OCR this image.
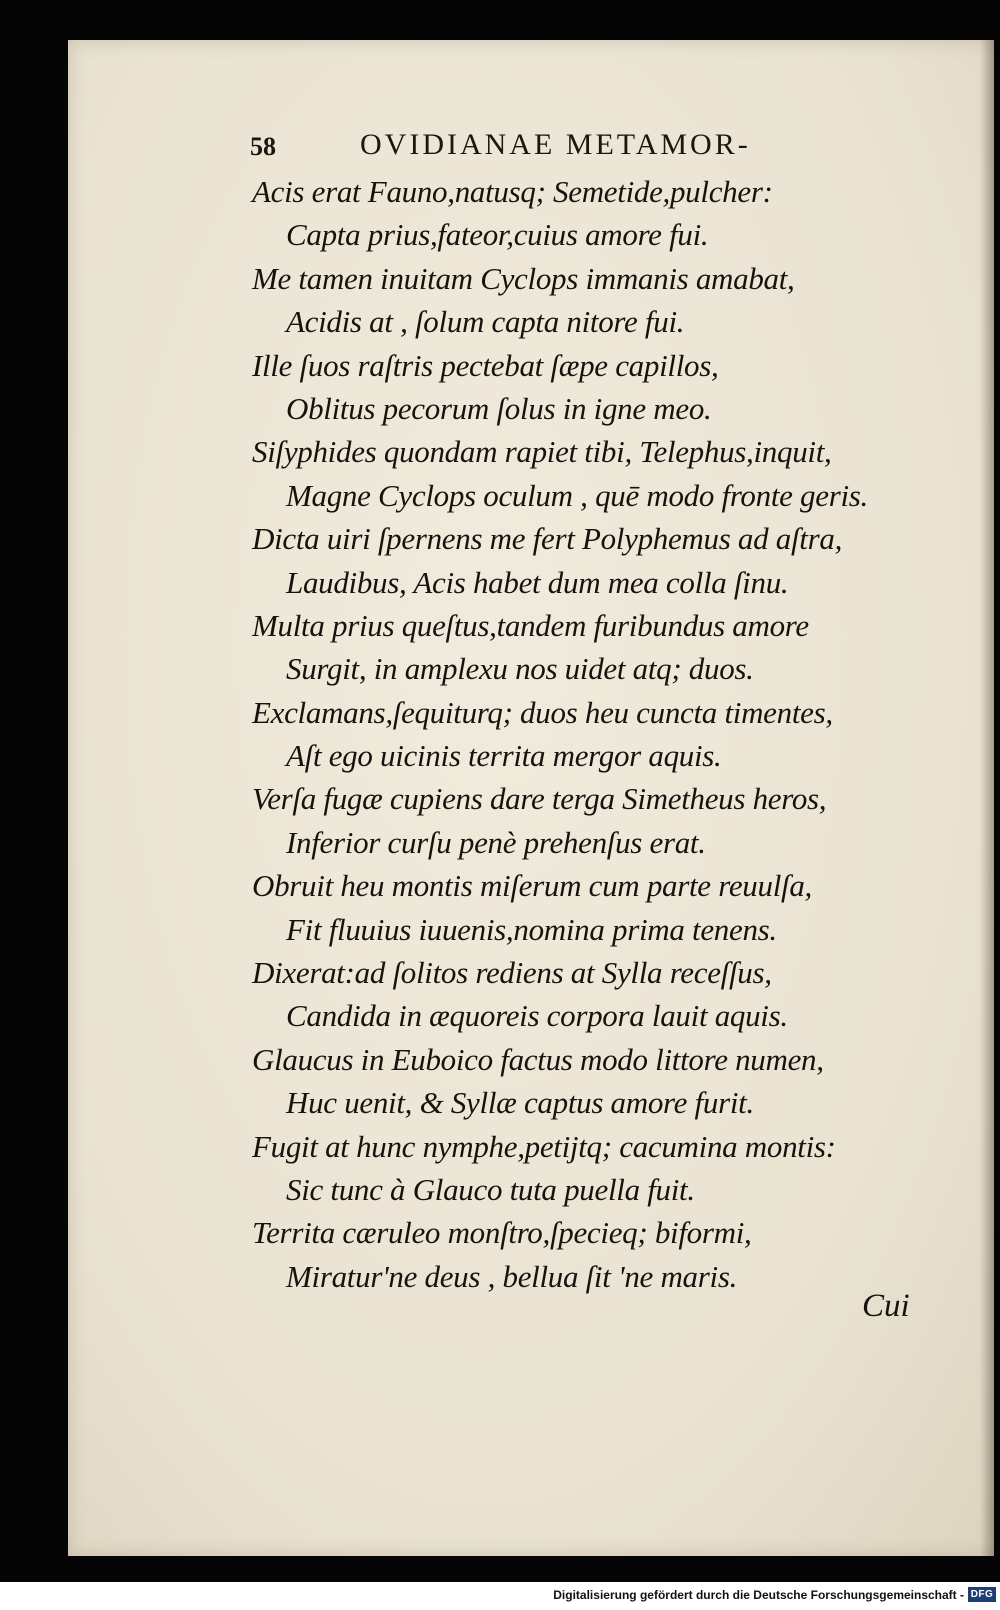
58	OVIDIANAE METAMOR-
Acis erat Fauno,natusq; Semetide,pulcher:
Capta prius,fateor,cuius amore fui.
Me tamen inuitam Cyclops immanis amabat,
Acidis at , ſolum capta nitore fui.
Ille ſuos raſtris pectebat ſæpe capillos,
Oblitus pecorum ſolus in igne meo.
Siſyphides quondam rapiet tibi, Telephus,inquit,
Magne Cyclops oculum , quē modo fronte geris.
Dicta uiri ſpernens me fert Polyphemus ad aſtra,
Laudibus, Acis habet dum mea colla ſinu.
Multa prius queſtus,tandem furibundus amore
Surgit, in amplexu nos uidet atq; duos.
Exclamans,ſequiturq; duos heu cuncta timentes,
Aſt ego uicinis territa mergor aquis.
Verſa fugæ cupiens dare terga Simetheus heros,
Inferior curſu penè prehenſus erat.
Obruit heu montis miſerum cum parte reuulſa,
Fit fluuius iuuenis,nomina prima tenens.
Dixerat:ad ſolitos rediens at Sylla receſſus,
Candida in æquoreis corpora lauit aquis.
Glaucus in Euboico factus modo littore numen,
Huc uenit, & Syllæ captus amore furit.
Fugit at hunc nymphe,petijtq; cacumina montis:
Sic tunc à Glauco tuta puella fuit.
Territa cæruleo monſtro,ſpecieq; biformi,
Miratur'ne deus , bellua ſit 'ne maris.
Cui
Digitalisierung gefördert durch die Deutsche Forschungsgemeinschaft - DFG
